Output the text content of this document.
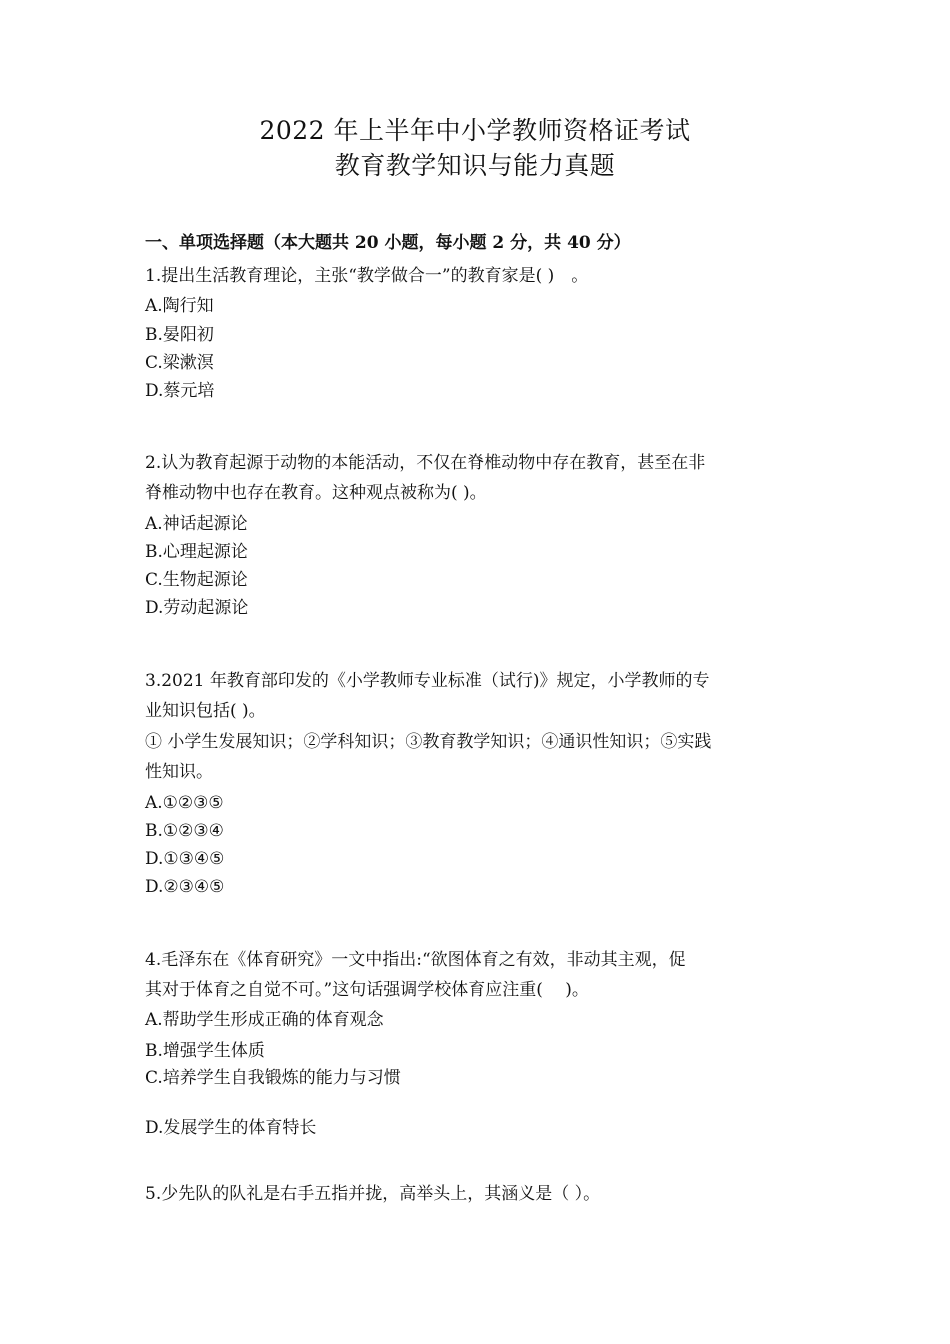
2022 年上半年中小学教师资格证考试
教育教学知识与能力真题
一、单项选择题（本大题共 20 小题，每小题 2 分，共 40 分）
1.提出生活教育理论，主张“教学做合一”的教育家是( )　。
A.陶行知
B.晏阳初
C.梁漱溟
D.蔡元培
2.认为教育起源于动物的本能活动，不仅在脊椎动物中存在教育，甚至在非
脊椎动物中也存在教育。这种观点被称为( )。
A.神话起源论
B.心理起源论
C.生物起源论
D.劳动起源论
3.2021 年教育部印发的《小学教师专业标准（试行)》规定，小学教师的专
业知识包括( )。
① 小学生发展知识；②学科知识；③教育教学知识；④通识性知识；⑤实践
性知识。
A.①②③⑤
B.①②③④
D.①③④⑤
D.②③④⑤
4.毛泽东在《体育研究》一文中指出:“欲图体育之有效，非动其主观，促
其对于体育之自觉不可。”这句话强调学校体育应注重(　 )。
A.帮助学生形成正确的体育观念
B.增强学生体质
C.培养学生自我锻炼的能力与习惯
D.发展学生的体育特长
5.少先队的队礼是右手五指并拢，高举头上，其涵义是（ ）。
